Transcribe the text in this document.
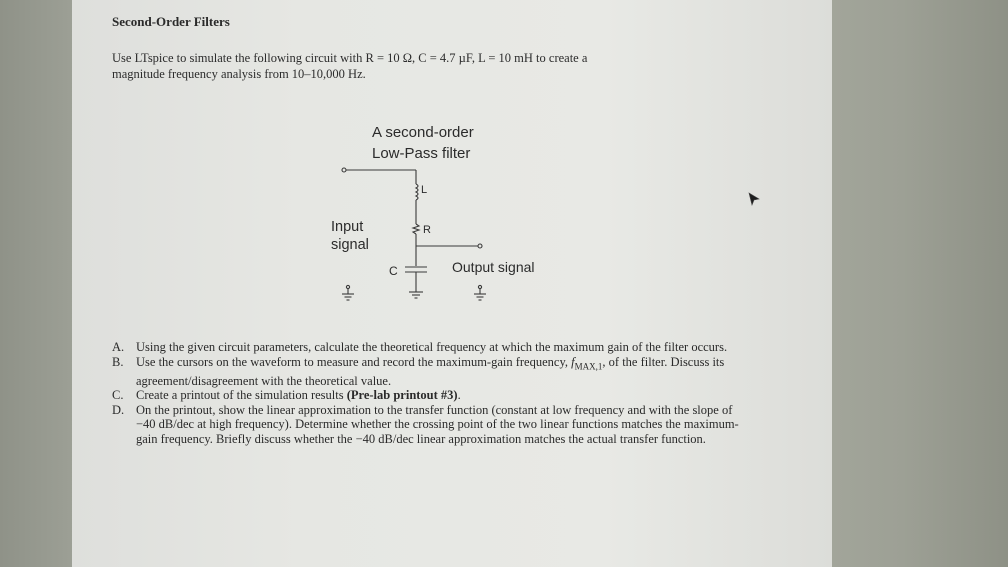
Second-Order Filters
Use LTspice to simulate the following circuit with R = 10 Ω, C = 4.7 µF, L = 10 mH to create a
magnitude frequency analysis from 10–10,000 Hz.
A second-order
Low-Pass filter
Input
signal
Output signal
L
R
C
A. Using the given circuit parameters, calculate the theoretical frequency at which the maximum gain of the filter occurs.
B.	Use the cursors on the waveform to measure and record the maximum-gain frequency, $f_{MAX,1}$, of the filter. Discuss its agreement/disagreement with the theoretical value.
C.	Create a printout of the simulation results (Pre-lab printout #3).
D. On the printout, show the linear approximation to the transfer function (constant at low frequency and with the slope of −40 dB/dec at high frequency). Determine whether the crossing point of the two linear functions matches the maximum-gain frequency. Briefly discuss whether the −40 dB/dec linear approximation matches the actual transfer function.
